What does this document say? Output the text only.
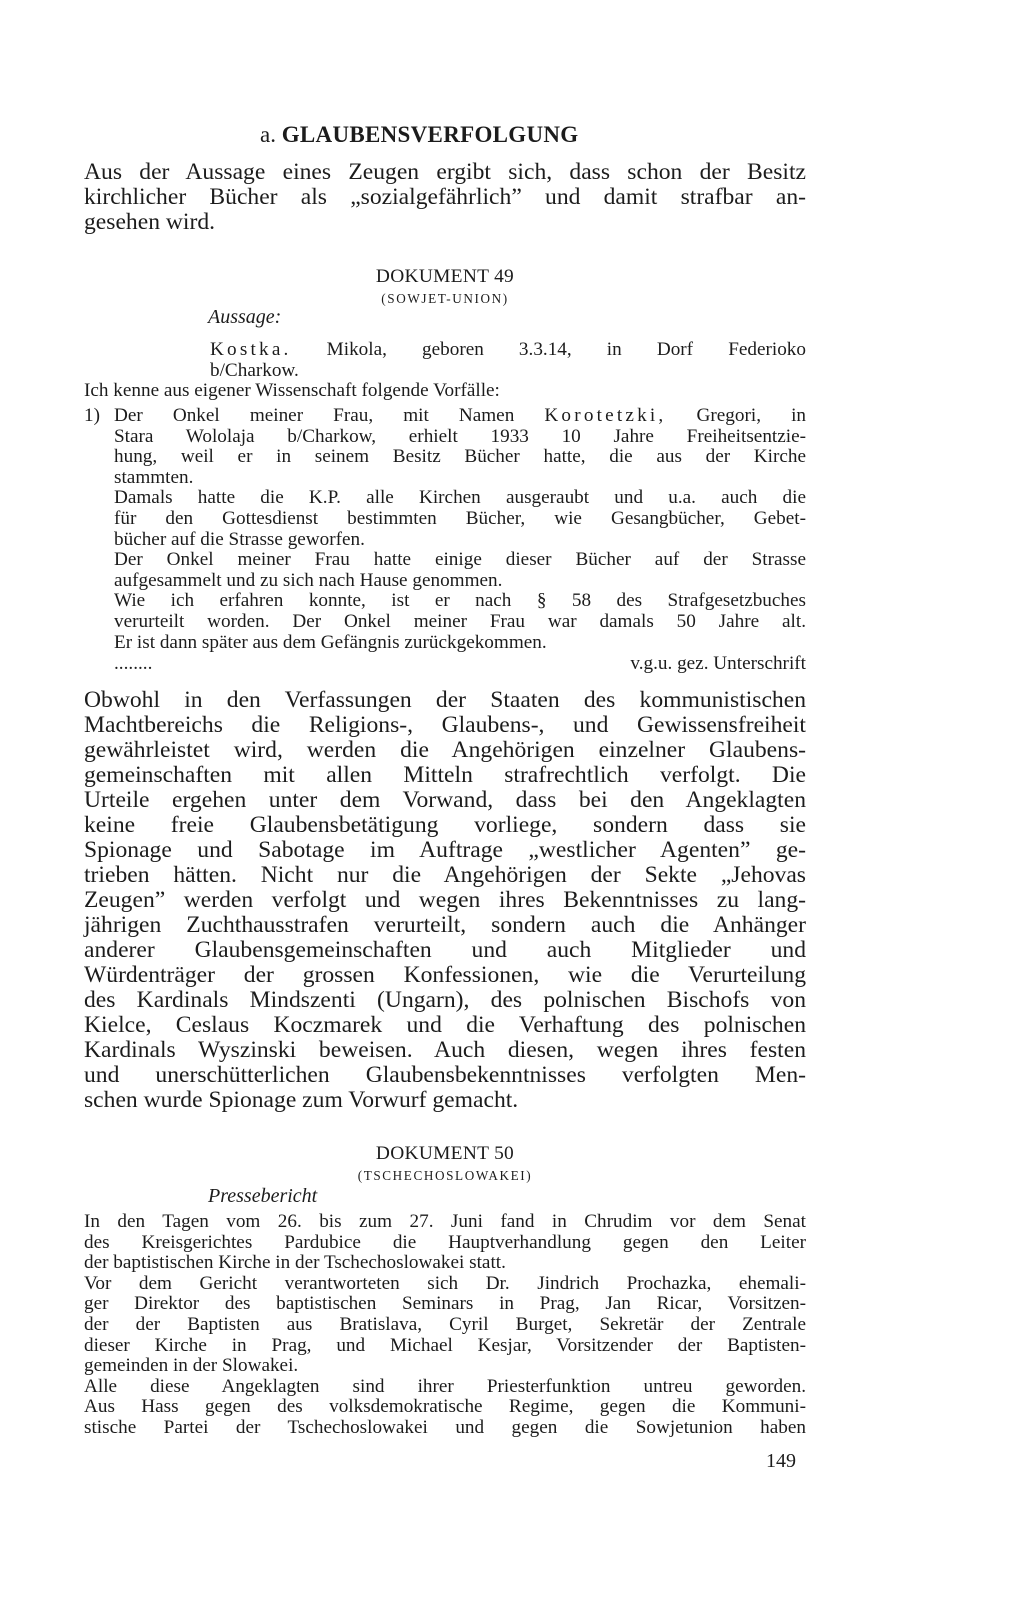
a. GLAUBENSVERFOLGUNG

Aus der Aussage eines Zeugen ergibt sich, dass schon der Besitz

kirchlicher Bücher als „sozialgefährlich” und damit strafbar an-

gesehen wird.

DOKUMENT 49
(SOWJET-UNION)
Aussage:

Kostka. Mikola, geboren 3.3.14, in Dorf Federioko

b/Charkow.

Ich kenne aus eigener Wissenschaft folgende Vorfälle:

1) Der Onkel meiner Frau, mit Namen Korotetzki, Gregori, in

Stara Wololaja b/Charkow, erhielt 1933 10 Jahre Freiheitsentzie-

hung, weil er in seinem Besitz Bücher hatte, die aus der Kirche

stammten.

Damals hatte die K.P. alle Kirchen ausgeraubt und u.a. auch die

für den Gottesdienst bestimmten Bücher, wie Gesangbücher, Gebet-

bücher auf die Strasse geworfen.

Der Onkel meiner Frau hatte einige dieser Bücher auf der Strasse

aufgesammelt und zu sich nach Hause genommen.

Wie ich erfahren konnte, ist er nach § 58 des Strafgesetzbuches

verurteilt worden. Der Onkel meiner Frau war damals 50 Jahre alt.

Er ist dann später aus dem Gefängnis zurückgekommen.

........	v.g.u. gez. Unterschrift

Obwohl in den Verfassungen der Staaten des kommunistischen

Machtbereichs die Religions-, Glaubens-, und Gewissensfreiheit

gewährleistet wird, werden die Angehörigen einzelner Glaubens-

gemeinschaften mit allen Mitteln strafrechtlich verfolgt. Die

Urteile ergehen unter dem Vorwand, dass bei den Angeklagten

keine freie Glaubensbetätigung vorliege, sondern dass sie

Spionage und Sabotage im Auftrage „westlicher Agenten” ge-

trieben hätten. Nicht nur die Angehörigen der Sekte „Jehovas

Zeugen” werden verfolgt und wegen ihres Bekenntnisses zu lang-

jährigen Zuchthausstrafen verurteilt, sondern auch die Anhänger

anderer Glaubensgemeinschaften und auch Mitglieder und

Würdenträger der grossen Konfessionen, wie die Verurteilung

des Kardinals Mindszenti (Ungarn), des polnischen Bischofs von

Kielce, Ceslaus Koczmarek und die Verhaftung des polnischen

Kardinals Wyszinski beweisen. Auch diesen, wegen ihres festen

und unerschütterlichen Glaubensbekenntnisses verfolgten Men-

schen wurde Spionage zum Vorwurf gemacht.

DOKUMENT 50
(TSCHECHOSLOWAKEI)
Pressebericht

In den Tagen vom 26. bis zum 27. Juni fand in Chrudim vor dem Senat

des Kreisgerichtes Pardubice die Hauptverhandlung gegen den Leiter

der baptistischen Kirche in der Tschechoslowakei statt.

Vor dem Gericht verantworteten sich Dr. Jindrich Prochazka, ehemali-

ger Direktor des baptistischen Seminars in Prag, Jan Ricar, Vorsitzen-

der der Baptisten aus Bratislava, Cyril Burget, Sekretär der Zentrale

dieser Kirche in Prag, und Michael Kesjar, Vorsitzender der Baptisten-

gemeinden in der Slowakei.

Alle diese Angeklagten sind ihrer Priesterfunktion untreu geworden.

Aus Hass gegen des volksdemokratische Regime, gegen die Kommuni-

stische Partei der Tschechoslowakei und gegen die Sowjetunion haben

149
